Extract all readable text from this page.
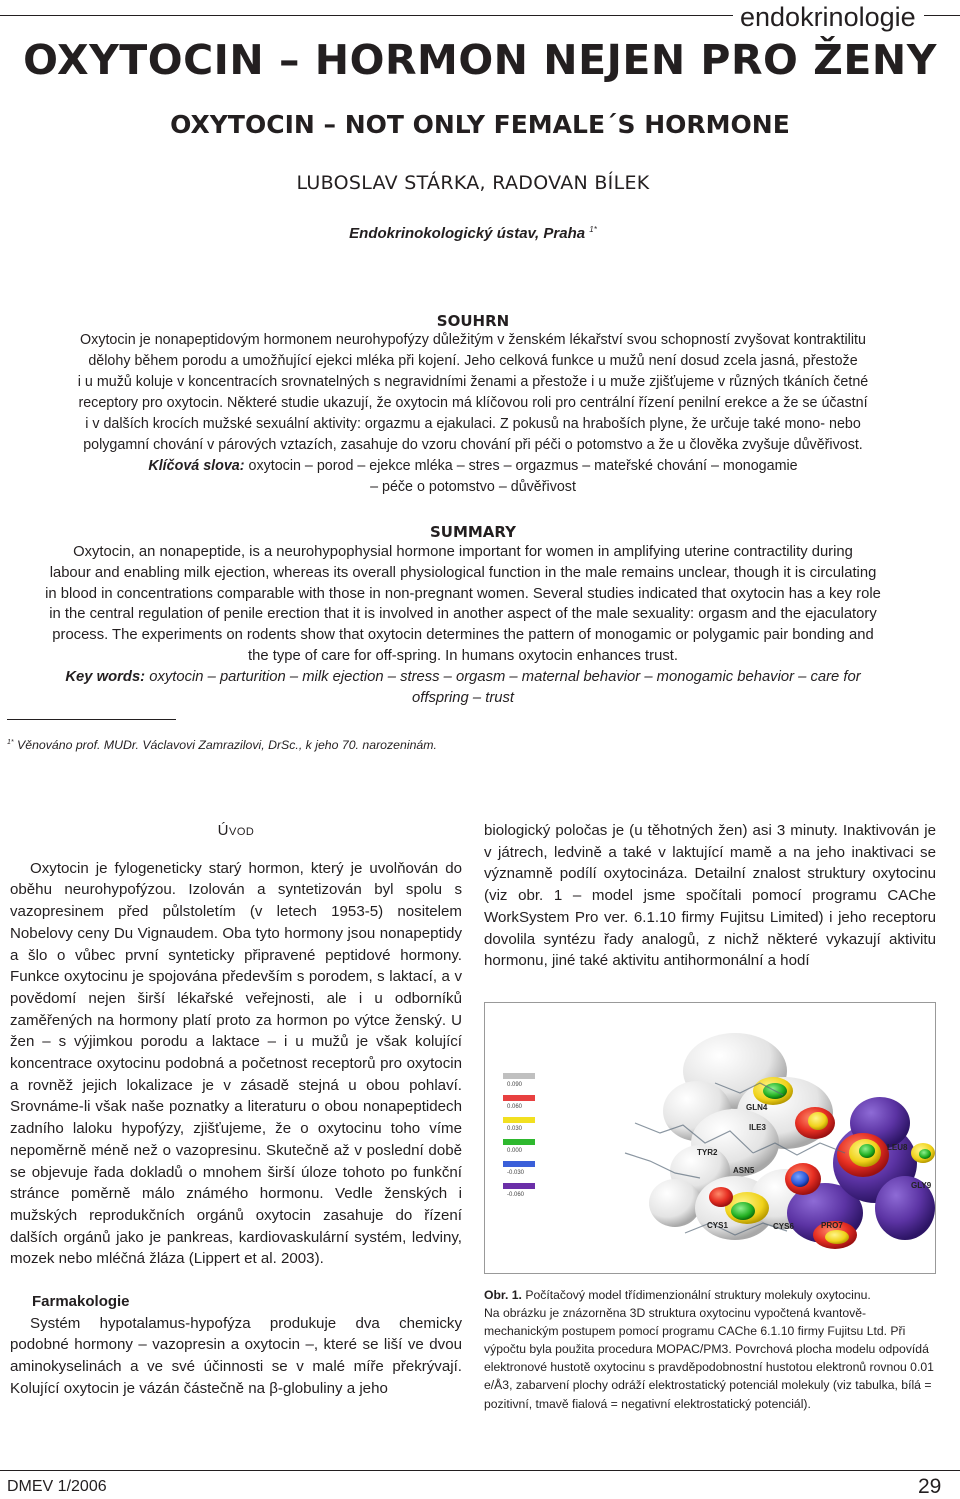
endokrinologie
OXYTOCIN – HORMON NEJEN PRO ŽENY
OXYTOCIN – NOT ONLY FEMALE´S HORMONE
LUBOSLAV STÁRKA, RADOVAN BÍLEK
Endokrinokologický ústav, Praha $^{1*}$
SOUHRN
Oxytocin je nonapeptidovým hormonem neurohypofýzy důležitým v ženském lékařství svou schopností zvyšovat kontraktilitu
dělohy během porodu a umožňující ejekci mléka při kojení. Jeho celková funkce u mužů není dosud zcela jasná, přestože
i u mužů koluje v koncentracích srovnatelných s negravidními ženami a přestože i u muže zjišťujeme v různých tkáních četné
receptory pro oxytocin. Některé studie ukazují, že oxytocin má klíčovou roli pro centrální řízení penilní erekce a že se účastní
i v dalších krocích mužské sexuální aktivity: orgazmu a ejakulaci. Z pokusů na hraboších plyne, že určuje také mono- nebo
polygamní chování v párových vztazích, zasahuje do vzoru chování při péči o potomstvo a že u člověka zvyšuje důvěřivost.
Klíčová slova: oxytocin – porod – ejekce mléka – stres – orgazmus – mateřské chování – monogamie
– péče o potomstvo – důvěřivost
SUMMARY
Oxytocin, an nonapeptide, is a neurohypophysial hormone important for women in amplifying uterine contractility during
labour and enabling milk ejection, whereas its overall physiological function in the male remains unclear, though it is circulating
in blood in concentrations comparable with those in non-pregnant women. Several studies indicated that oxytocin has a key role
in the central regulation of penile erection that it is involved in another aspect of the male sexuality: orgasm and the ejaculatory
process. The experiments on rodents show that oxytocin determines the pattern of monogamic or polygamic pair bonding and
the type of care for off-spring. In humans oxytocin enhances trust.
Key words: oxytocin – parturition – milk ejection – stress – orgasm – maternal behavior – monogamic behavior – care for
offspring – trust
$^{1*}$ Věnováno prof. MUDr. Václavovi Zamrazilovi, DrSc., k jeho 70. narozeninám.
ÚVOD

Oxytocin je fylogeneticky starý hormon, který je uvolňován do oběhu neurohypofýzou. Izolován a syntetizován byl spolu s vazopresinem před půlstoletím (v letech 1953-5) nositelem Nobelovy ceny Du Vignaudem. Oba tyto hormony jsou nonapeptidy a šlo o vůbec první synteticky připravené peptidové hormony. Funkce oxytocinu je spojována především s porodem, s laktací, a v povědomí nejen širší lékařské veřejnosti, ale i u odborníků zaměřených na hormony platí proto za hormon po výtce ženský. U žen – s výjimkou porodu a laktace – i u mužů je však kolující koncentrace oxytocinu podobná a početnost receptorů pro oxytocin a rovněž jejich lokalizace je v zásadě stejná u obou pohlaví. Srovnáme-li však naše poznatky a literaturu o obou nonapeptidech zadního laloku hypofýzy, zjišťujeme, že o oxytocinu toho víme nepoměrně méně než o vazopresinu. Skutečně až v poslední době se objevuje řada dokladů o mnohem širší úloze tohoto po funkční stránce poměrně málo známého hormonu. Vedle ženských i mužských reprodukčních orgánů oxytocin zasahuje do řízení dalších orgánů jako je pankreas, kardiovaskulární systém, ledviny, mozek nebo mléčná žláza (Lippert et al. 2003).

Farmakologie

Systém hypotalamus-hypofýza produkuje dva chemicky podobné hormony – vazopresin a oxytocin –, které se liší ve dvou aminokyselinách a ve své účinnosti se v malé míře překrývají. Kolující oxytocin je vázán částečně na β-globuliny a jeho

biologický poločas je (u těhotných žen) asi 3 minuty. Inaktivován je v játrech, ledvině a také v laktující mamě a na jeho inaktivaci se významně podílí oxytocináza. Detailní znalost struktury oxytocinu (viz obr. 1 – model jsme spočítali pomocí programu CAChe WorkSystem Pro ver. 6.1.10 firmy Fujitsu Limited) i jeho receptoru dovolila syntézu řady analogů, z nichž některé vykazují aktivitu hormonu, jiné také aktivitu antihormonální a hodí
0.090
0.060
0.030
0.000
-0.030
-0.060
GLN4
ILE3
TYR2
ASN5
LEU8
GLY9
CYS1	CYS6	PRO7
Obr. 1. Počítačový model třídimenzionální struktury molekuly oxytocinu.
Na obrázku je znázorněna 3D struktura oxytocinu vypočtená kvantově-mechanickým postupem pomocí programu CAChe 6.1.10 firmy Fujitsu Ltd. Při výpočtu byla použita procedura MOPAC/PM3. Povrchová plocha modelu odpovídá elektronové hustotě oxytocinu s pravděpodobnostní hustotou elektronů rovnou 0.01 e/Å3, zabarvení plochy odráží elektrostatický potenciál molekuly (viz tabulka, bílá = pozitivní, tmavě fialová = negativní elektrostatický potenciál).
DMEV 1/2006	29
